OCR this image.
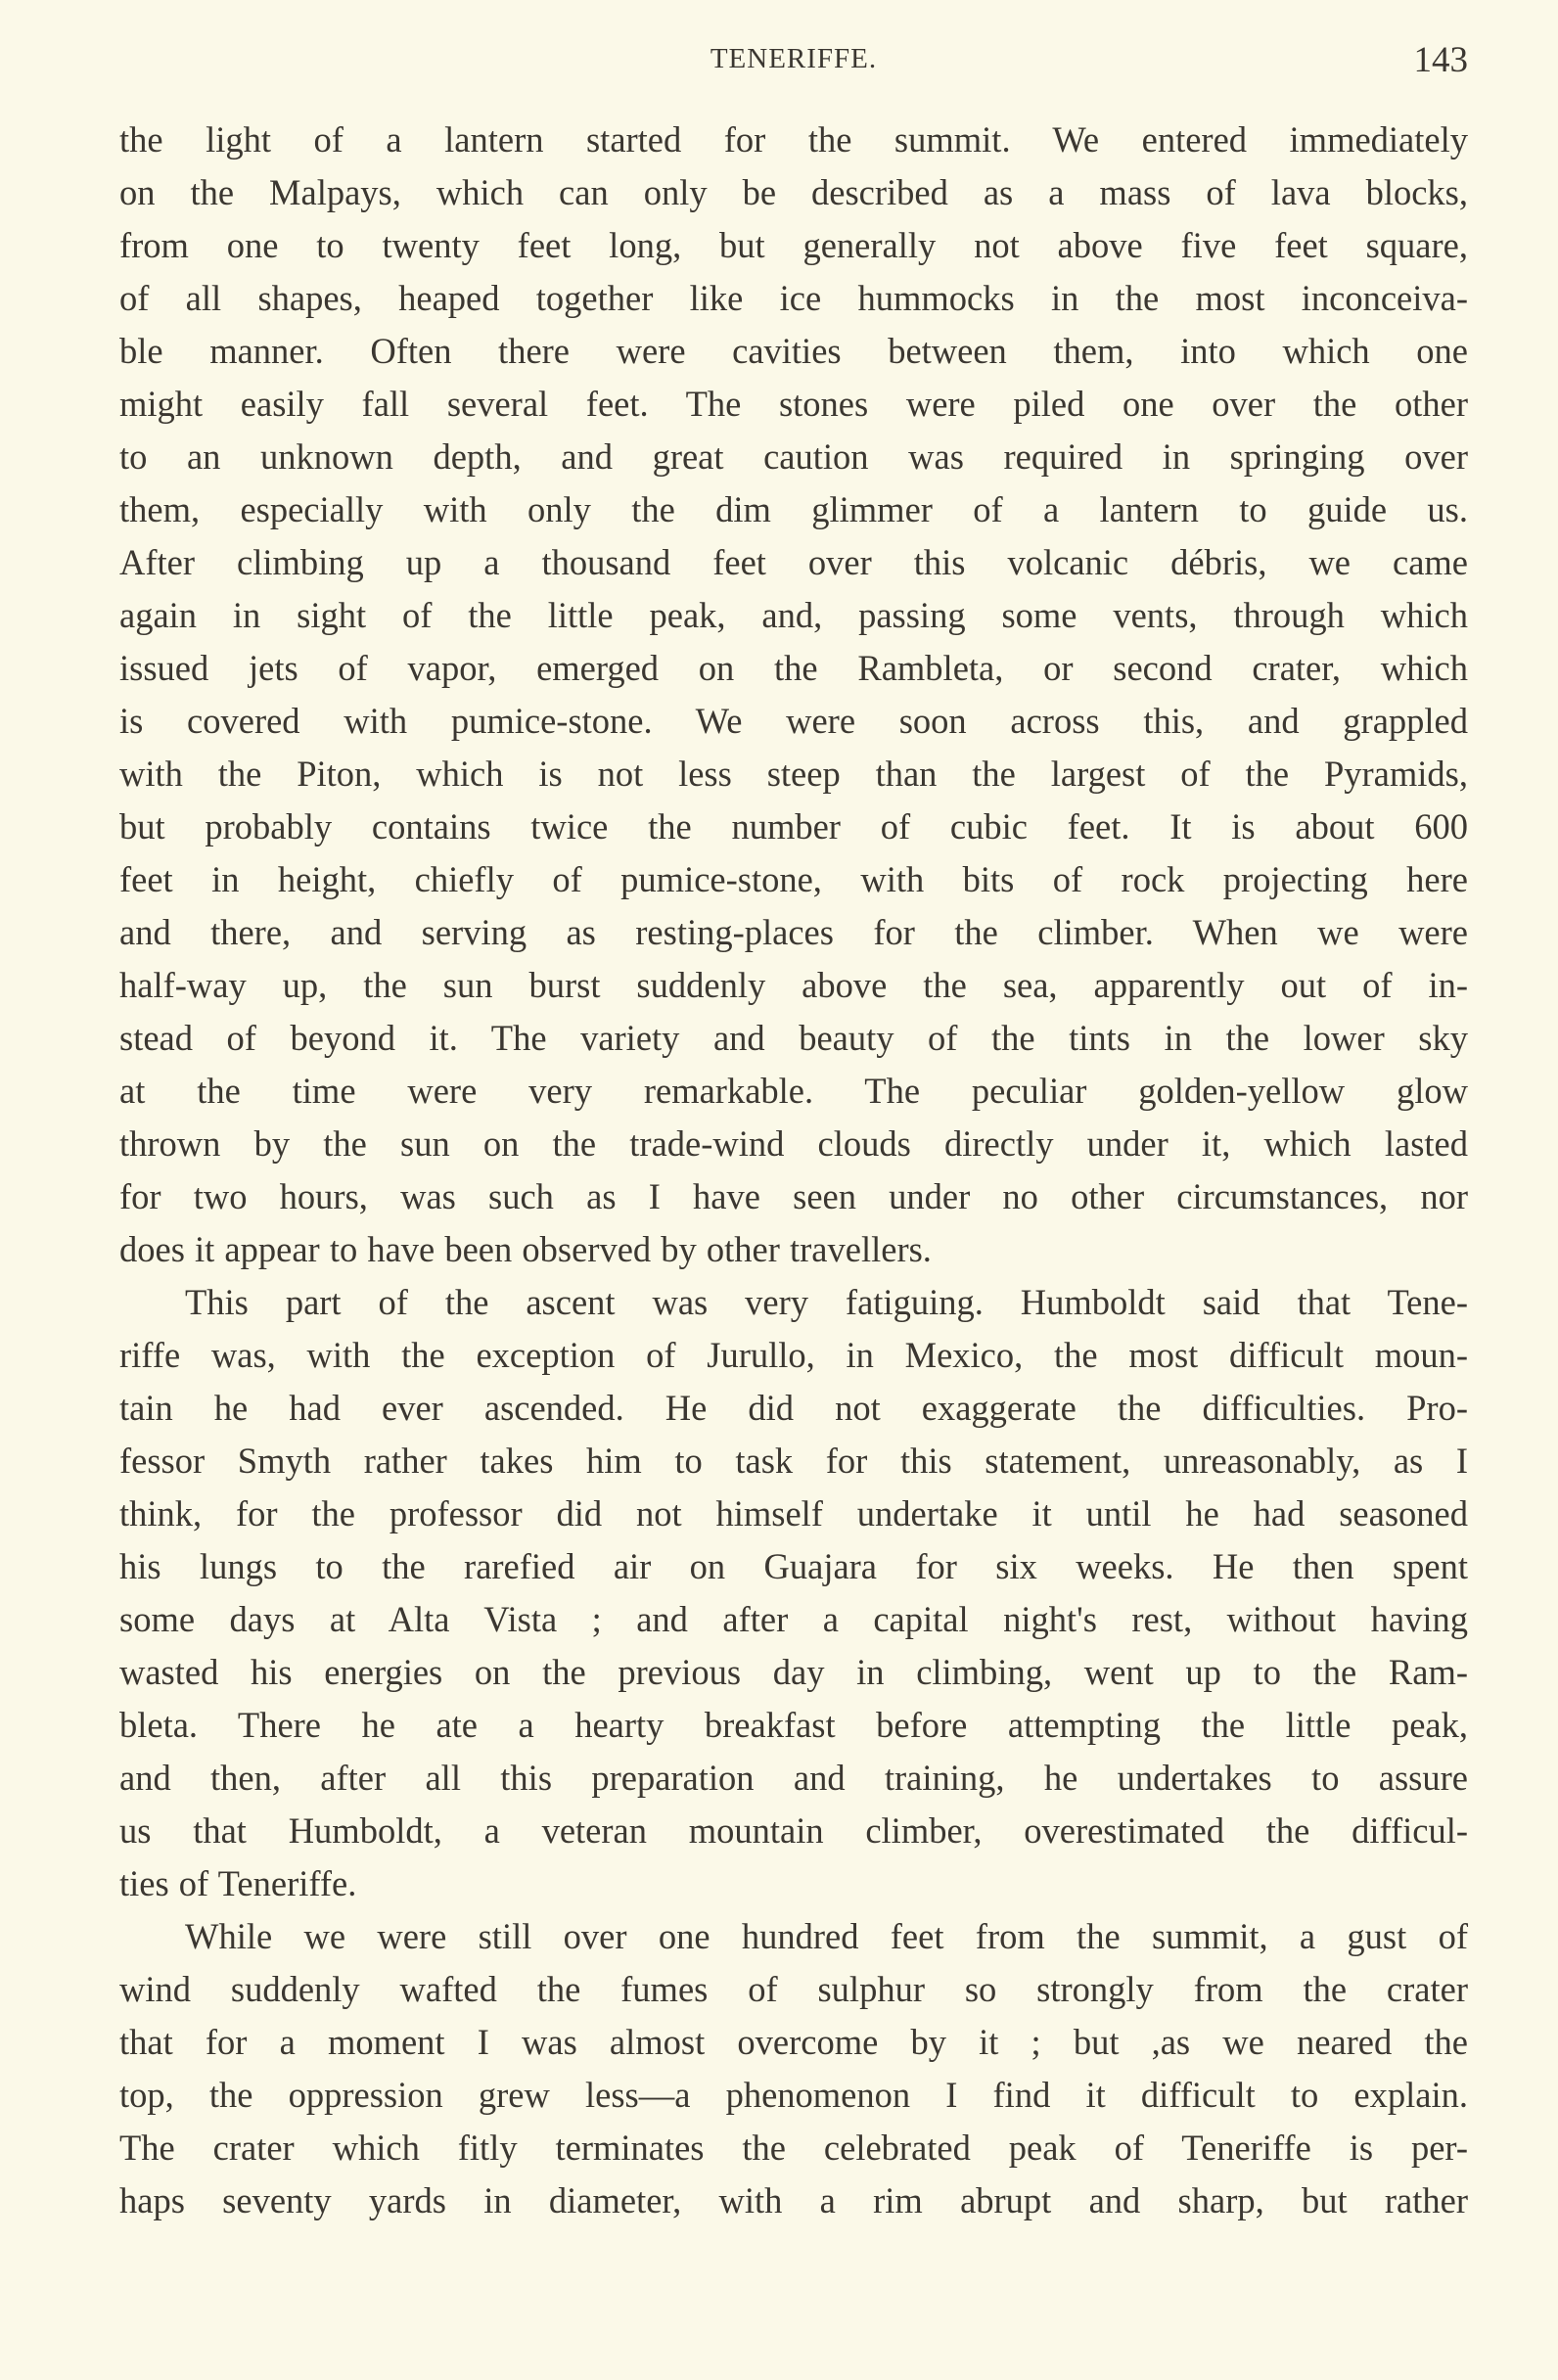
TENERIFFE.	143
the light of a lantern started for the summit. We entered immediately
on the Malpays, which can only be described as a mass of lava blocks,
from one to twenty feet long, but generally not above five feet square,
of all shapes, heaped together like ice hummocks in the most inconceiva-
ble manner. Often there were cavities between them, into which one
might easily fall several feet. The stones were piled one over the other
to an unknown depth, and great caution was required in springing over
them, especially with only the dim glimmer of a lantern to guide us.
After climbing up a thousand feet over this volcanic débris, we came
again in sight of the little peak, and, passing some vents, through which
issued jets of vapor, emerged on the Rambleta, or second crater, which
is covered with pumice-stone. We were soon across this, and grappled
with the Piton, which is not less steep than the largest of the Pyramids,
but probably contains twice the number of cubic feet. It is about 600
feet in height, chiefly of pumice-stone, with bits of rock projecting here
and there, and serving as resting-places for the climber. When we were
half-way up, the sun burst suddenly above the sea, apparently out of in-
stead of beyond it. The variety and beauty of the tints in the lower sky
at the time were very remarkable. The peculiar golden-yellow glow
thrown by the sun on the trade-wind clouds directly under it, which lasted
for two hours, was such as I have seen under no other circumstances, nor
does it appear to have been observed by other travellers.
This part of the ascent was very fatiguing. Humboldt said that Tene-
riffe was, with the exception of Jurullo, in Mexico, the most difficult moun-
tain he had ever ascended. He did not exaggerate the difficulties. Pro-
fessor Smyth rather takes him to task for this statement, unreasonably, as I
think, for the professor did not himself undertake it until he had seasoned
his lungs to the rarefied air on Guajara for six weeks. He then spent
some days at Alta Vista ; and after a capital night's rest, without having
wasted his energies on the previous day in climbing, went up to the Ram-
bleta. There he ate a hearty breakfast before attempting the little peak,
and then, after all this preparation and training, he undertakes to assure
us that Humboldt, a veteran mountain climber, overestimated the difficul-
ties of Teneriffe.
While we were still over one hundred feet from the summit, a gust of
wind suddenly wafted the fumes of sulphur so strongly from the crater
that for a moment I was almost overcome by it ; but ,as we neared the
top, the oppression grew less—a phenomenon I find it difficult to explain.
The crater which fitly terminates the celebrated peak of Teneriffe is per-
haps seventy yards in diameter, with a rim abrupt and sharp, but rather
